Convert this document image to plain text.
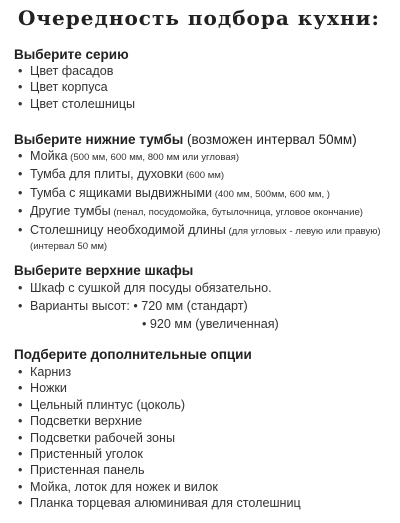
Очередность подбора кухни:
Выберите серию
• Цвет фасадов
• Цвет корпуса
• Цвет столешницы
Выберите нижние тумбы (возможен интервал 50мм)
• Мойка (500 мм, 600 мм, 800 мм или угловая)
• Тумба для плиты, духовки (600 мм)
• Тумба с ящиками выдвижными (400 мм, 500мм, 600 мм, )
• Другие тумбы (пенал, посудомойка, бутылочница, угловое окончание)
• Столешницу необходимой длины (для угловых - левую или правую)
(интервал 50 мм)
Выберите верхние шкафы
• Шкаф с сушкой для посуды обязательно.
• Варианты высот: • 720 мм (стандарт)
• 920 мм (увеличенная)
Подберите дополнительные опции
• Карниз
• Ножки
• Цельный плинтус (цоколь)
• Подсветки верхние
• Подсветки рабочей зоны
• Пристенный уголок
• Пристенная панель
• Мойка, лоток для ножек и вилок
• Планка торцевая алюминивая для столешниц
